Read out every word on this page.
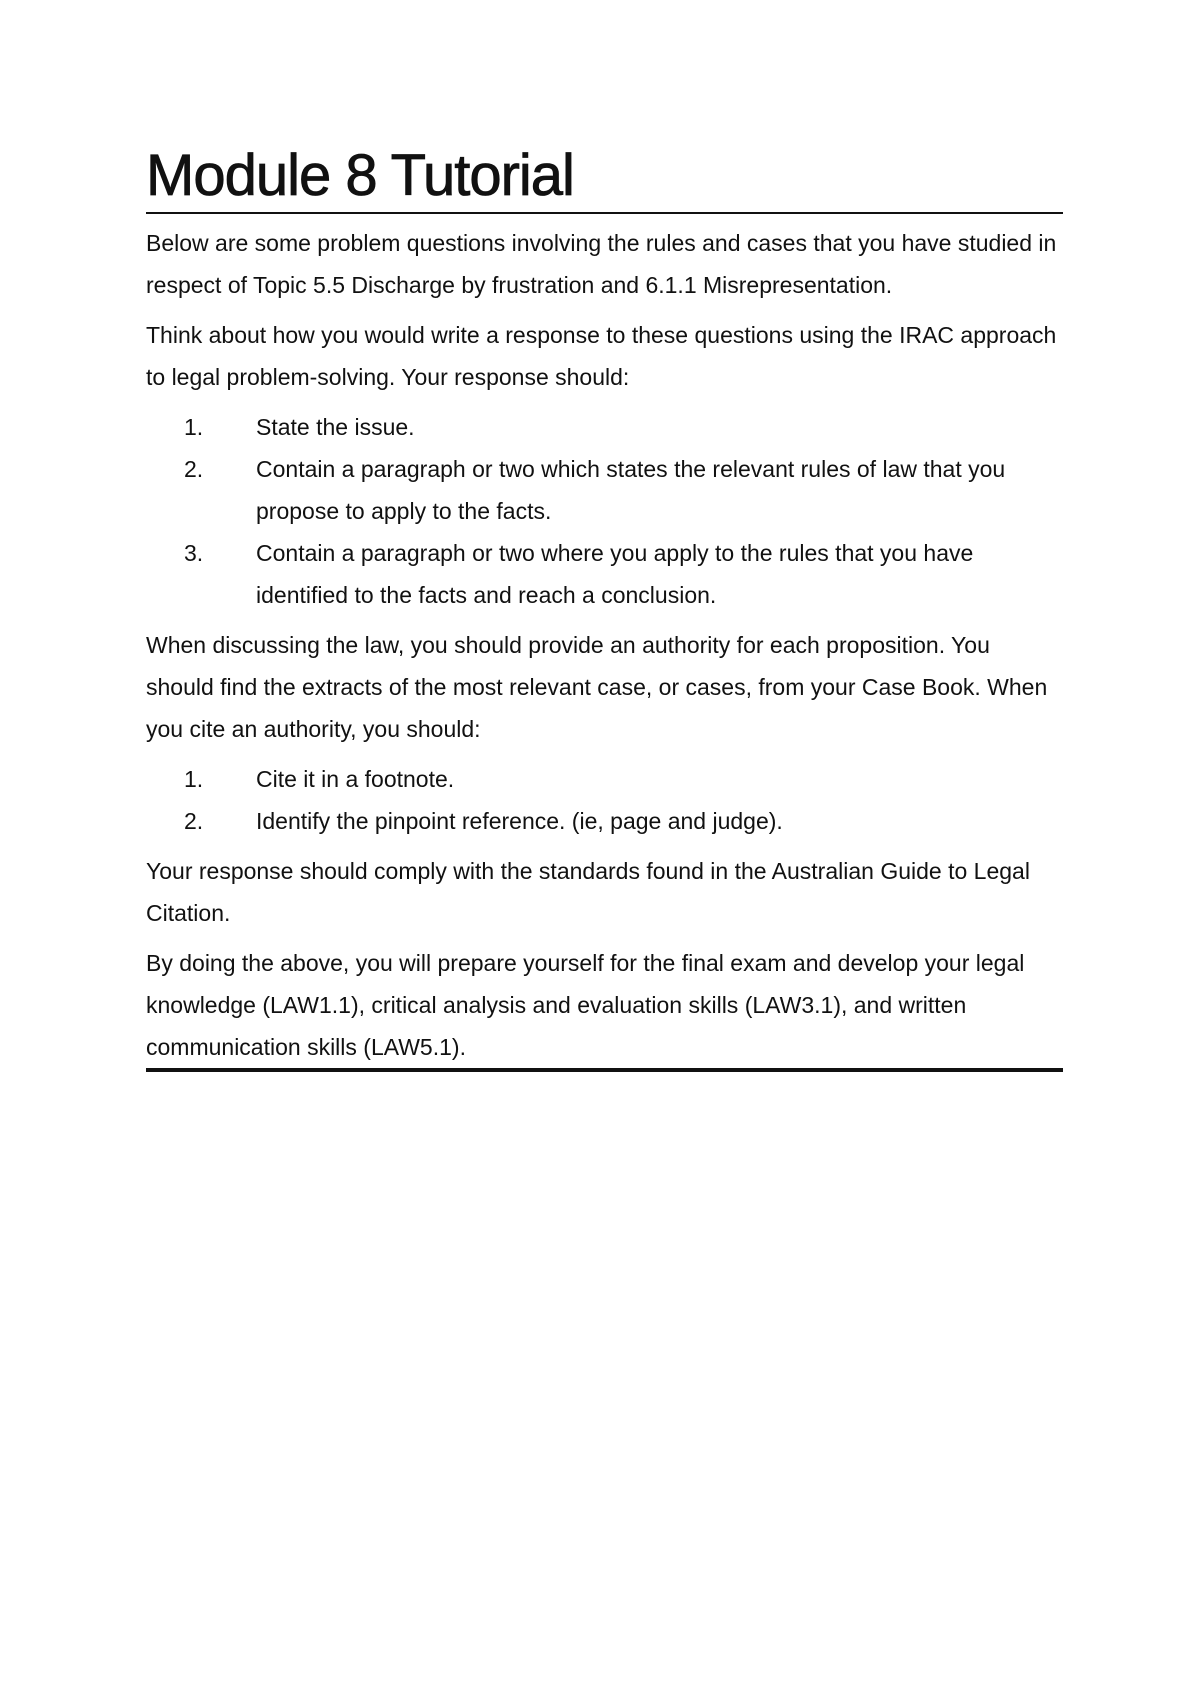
Module 8 Tutorial

Below are some problem questions involving the rules and cases that you have studied in respect of Topic 5.5 Discharge by frustration and 6.1.1 Misrepresentation.

Think about how you would write a response to these questions using the IRAC approach to legal problem-solving. Your response should:

1.	State the issue.
2.	Contain a paragraph or two which states the relevant rules of law that you propose to apply to the facts.
3.	Contain a paragraph or two where you apply to the rules that you have identified to the facts and reach a conclusion.

When discussing the law, you should provide an authority for each proposition. You should find the extracts of the most relevant case, or cases, from your Case Book. When you cite an authority, you should:

1.	Cite it in a footnote.
2.	Identify the pinpoint reference. (ie, page and judge).

Your response should comply with the standards found in the Australian Guide to Legal Citation.

By doing the above, you will prepare yourself for the final exam and develop your legal knowledge (LAW1.1), critical analysis and evaluation skills (LAW3.1), and written communication skills (LAW5.1).
